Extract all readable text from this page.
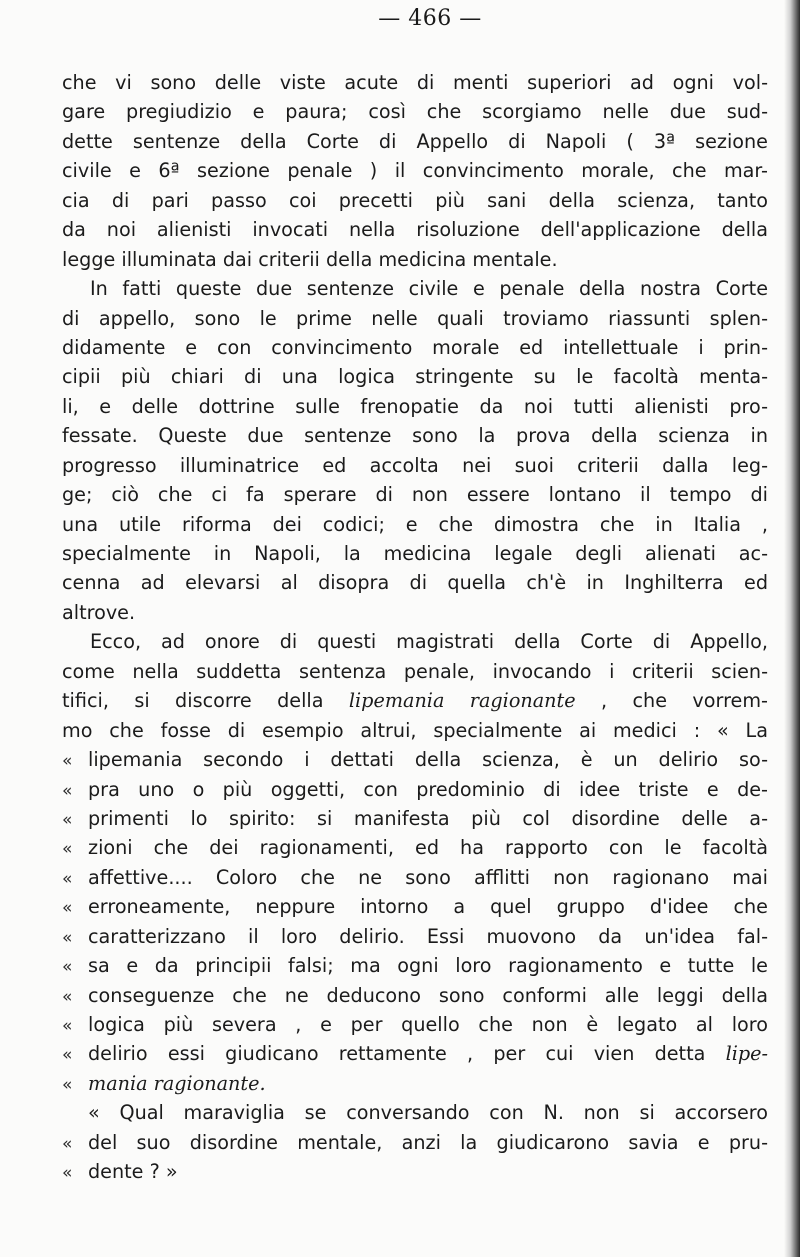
— 466 —

che vi sono delle viste acute di menti superiori ad ogni vol-
gare pregiudizio e paura; così che scorgiamo nelle due sud-
dette sentenze della Corte di Appello di Napoli ( 3ª sezione
civile e 6ª sezione penale ) il convincimento morale, che mar-
cia di pari passo coi precetti più sani della scienza, tanto
da noi alienisti invocati nella risoluzione dell'applicazione della
legge illuminata dai criterii della medicina mentale.
In fatti queste due sentenze civile e penale della nostra Corte
di appello, sono le prime nelle quali troviamo riassunti splen-
didamente e con convincimento morale ed intellettuale i prin-
cipii più chiari di una logica stringente su le facoltà menta-
li, e delle dottrine sulle frenopatie da noi tutti alienisti pro-
fessate. Queste due sentenze sono la prova della scienza in
progresso illuminatrice ed accolta nei suoi criterii dalla leg-
ge; ciò che ci fa sperare di non essere lontano il tempo di
una utile riforma dei codici; e che dimostra che in Italia ,
specialmente in Napoli, la medicina legale degli alienati ac-
cenna ad elevarsi al disopra di quella ch'è in Inghilterra ed
altrove.
Ecco, ad onore di questi magistrati della Corte di Appello,
come nella suddetta sentenza penale, invocando i criterii scien-
tifici, si discorre della lipemania ragionante , che vorrem-
mo che fosse di esempio altrui, specialmente ai medici : « La
« lipemania secondo i dettati della scienza, è un delirio so-
« pra uno o più oggetti, con predominio di idee triste e de-
« primenti lo spirito: si manifesta più col disordine delle a-
« zioni che dei ragionamenti, ed ha rapporto con le facoltà
« affettive.... Coloro che ne sono afflitti non ragionano mai
« erroneamente, neppure intorno a quel gruppo d'idee che
« caratterizzano il loro delirio. Essi muovono da un'idea fal-
« sa e da principii falsi; ma ogni loro ragionamento e tutte le
« conseguenze che ne deducono sono conformi alle leggi della
« logica più severa , e per quello che non è legato al loro
« delirio essi giudicano rettamente , per cui vien detta lipe-
« mania ragionante.
« Qual maraviglia se conversando con N. non si accorsero
« del suo disordine mentale, anzi la giudicarono savia e pru-
« dente ? »
